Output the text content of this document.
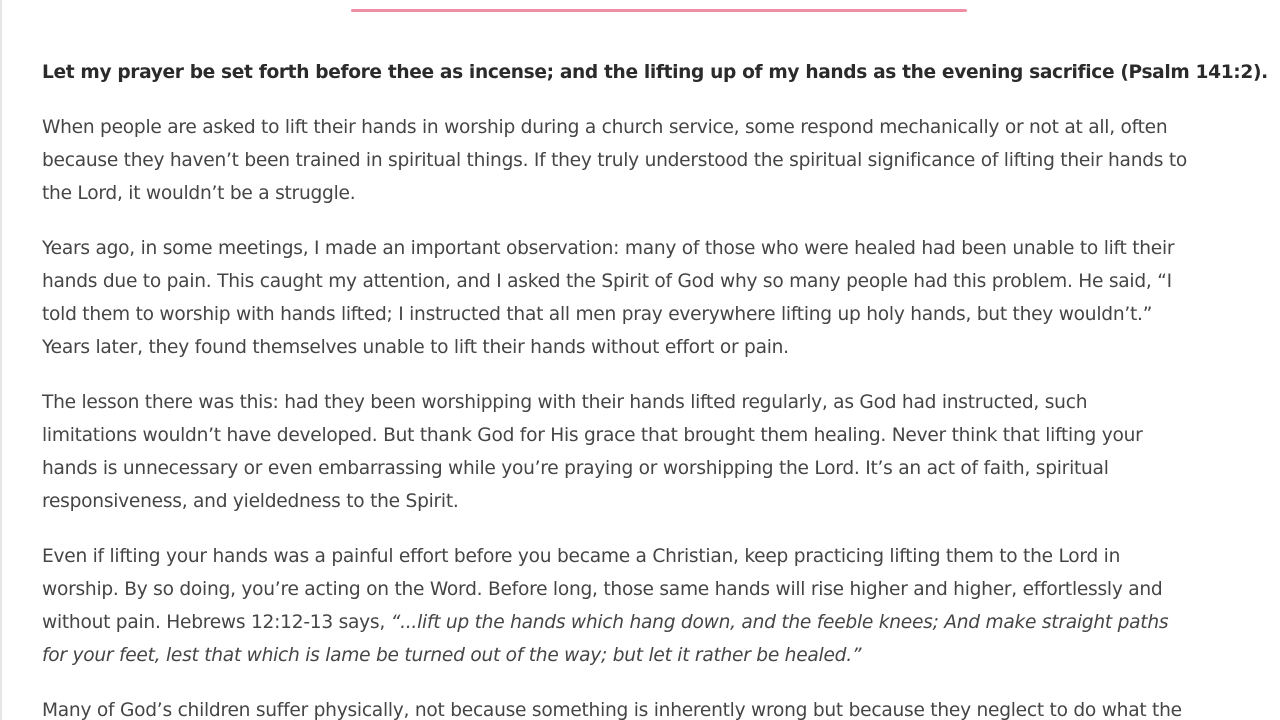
Let my prayer be set forth before thee as incense; and the lifting up of my hands as the evening sacrifice (Psalm 141:2).

When people are asked to lift their hands in worship during a church service, some respond mechanically or not at all, often
because they haven’t been trained in spiritual things. If they truly understood the spiritual significance of lifting their hands to
the Lord, it wouldn’t be a struggle.

Years ago, in some meetings, I made an important observation: many of those who were healed had been unable to lift their
hands due to pain. This caught my attention, and I asked the Spirit of God why so many people had this problem. He said, “I
told them to worship with hands lifted; I instructed that all men pray everywhere lifting up holy hands, but they wouldn’t.”
Years later, they found themselves unable to lift their hands without effort or pain.

The lesson there was this: had they been worshipping with their hands lifted regularly, as God had instructed, such
limitations wouldn’t have developed. But thank God for His grace that brought them healing. Never think that lifting your
hands is unnecessary or even embarrassing while you’re praying or worshipping the Lord. It’s an act of faith, spiritual
responsiveness, and yieldedness to the Spirit.

Even if lifting your hands was a painful effort before you became a Christian, keep practicing lifting them to the Lord in
worship. By so doing, you’re acting on the Word. Before long, those same hands will rise higher and higher, effortlessly and
without pain. Hebrews 12:12-13 says, “...lift up the hands which hang down, and the feeble knees; And make straight paths
for your feet, lest that which is lame be turned out of the way; but let it rather be healed.”

Many of God’s children suffer physically, not because something is inherently wrong but because they neglect to do what the
